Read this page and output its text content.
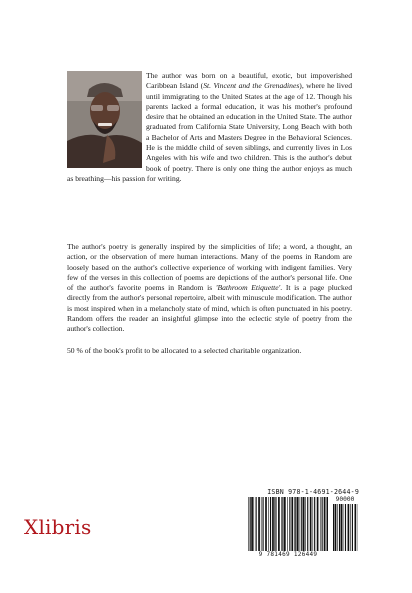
The author was born on a beautiful, exotic, but impoverished Caribbean Island (St. Vincent and the Grenadines), where he lived until immigrating to the United States at the age of 12. Though his parents lacked a formal education, it was his mother's profound desire that he obtained an education in the United State. The author graduated from California State University, Long Beach with both a Bachelor of Arts and Masters Degree in the Behavioral Sciences. He is the middle child of seven siblings, and currently lives in Los Angeles with his wife and two children. This is the author's debut book of poetry. There is only one thing the author enjoys as much as breathing—his passion for writing.

The author's poetry is generally inspired by the simplicities of life; a word, a thought, an action, or the observation of mere human interactions. Many of the poems in Random are loosely based on the author's collective experience of working with indigent families. Very few of the verses in this collection of poems are depictions of the author's personal life. One of the author's favorite poems in Random is 'Bathroom Etiquette'. It is a page plucked directly from the author's personal repertoire, albeit with minuscule modification. The author is most inspired when in a melancholy state of mind, which is often punctuated in his poetry. Random offers the reader an insightful glimpse into the eclectic style of poetry from the author's collection.

50 % of the book's profit to be allocated to a selected charitable organization.

ISBN 978-1-4691-2644-9
90000
9 781469 126449
Xlibris
